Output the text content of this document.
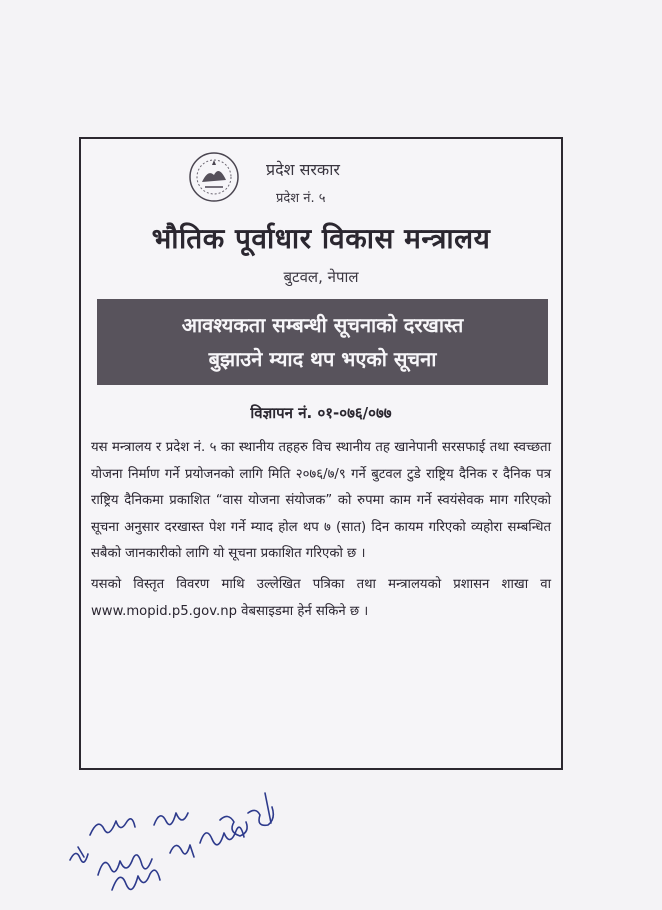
प्रदेश सरकार
प्रदेश नं. ५
भौतिक पूर्वाधार विकास मन्त्रालय
बुटवल, नेपाल
आवश्यकता सम्बन्धी सूचनाको दरखास्त
बुझाउने म्याद थप भएको सूचना
विज्ञापन नं. ०१-०७६/०७७

यस मन्त्रालय र प्रदेश नं. ५ का स्थानीय तहहरु विच स्थानीय तह खानेपानी सरसफाई तथा स्वच्छता योजना निर्माण गर्ने प्रयोजनको लागि मिति २०७६/७/९ गर्ने बुटवल टुडे राष्ट्रिय दैनिक र दैनिक पत्र राष्ट्रिय दैनिकमा प्रकाशित “वास योजना संयोजक” को रुपमा काम गर्ने स्वयंसेवक माग गरिएको सूचना अनुसार दरखास्त पेश गर्ने म्याद होल थप ७ (सात) दिन कायम गरिएको व्यहोरा सम्बन्धित सबैको जानकारीको लागि यो सूचना प्रकाशित गरिएको छ ।

यसको विस्तृत विवरण माथि उल्लेखित पत्रिका तथा मन्त्रालयको प्रशासन शाखा वा www.mopid.p5.gov.np वेबसाइडमा हेर्न सकिने छ ।
